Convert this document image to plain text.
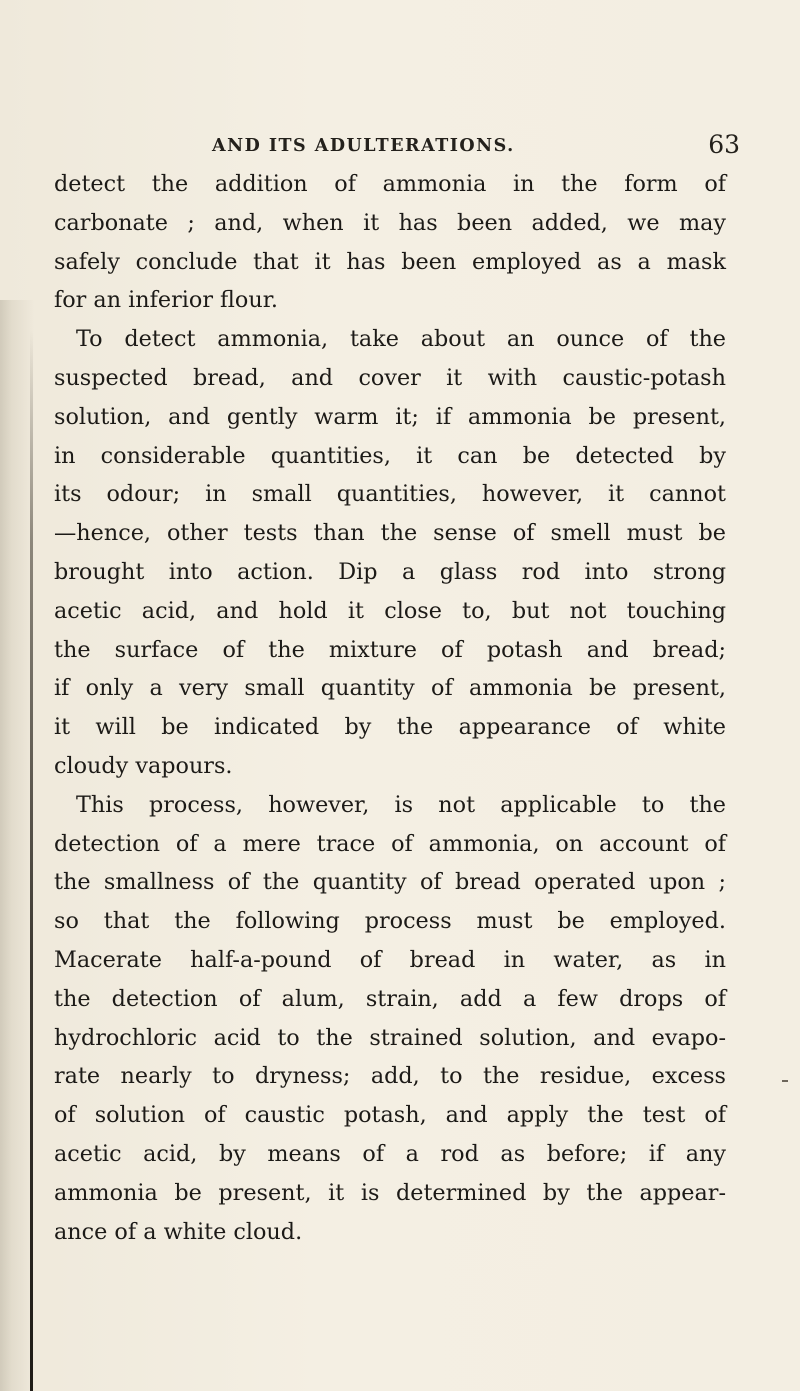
AND ITS ADULTERATIONS.	63
detect the addition of ammonia in the form of
carbonate ; and, when it has been added, we may
safely conclude that it has been employed as a mask
for an inferior flour.
To detect ammonia, take about an ounce of the
suspected bread, and cover it with caustic-potash
solution, and gently warm it; if ammonia be present,
in considerable quantities, it can be detected by
its odour; in small quantities, however, it cannot
—hence, other tests than the sense of smell must be
brought into action. Dip a glass rod into strong
acetic acid, and hold it close to, but not touching
the surface of the mixture of potash and bread;
if only a very small quantity of ammonia be present,
it will be indicated by the appearance of white
cloudy vapours.
This process, however, is not applicable to the
detection of a mere trace of ammonia, on account of
the smallness of the quantity of bread operated upon ;
so that the following process must be employed.
Macerate half-a-pound of bread in water, as in
the detection of alum, strain, add a few drops of
hydrochloric acid to the strained solution, and evapo-
rate nearly to dryness; add, to the residue, excess
of solution of caustic potash, and apply the test of
acetic acid, by means of a rod as before; if any
ammonia be present, it is determined by the appear-
ance of a white cloud.
